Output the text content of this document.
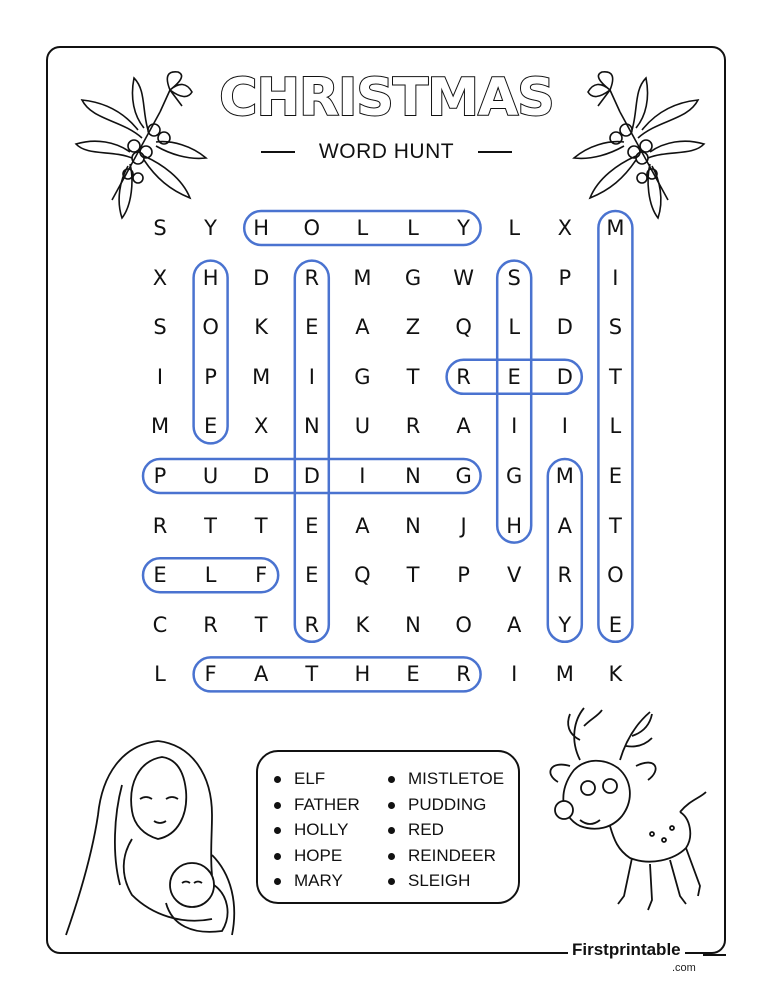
CHRISTMAS
WORD HUNT
S	Y	H	O	L	L	Y	L	X	M
X	H	D	R	M	G	W	S	P	I
S	O	K	E	A	Z	Q	L	D	S
I	P	M	I	G	T	R	E	D	T
M	E	X	N	U	R	A	I	I	L
P	U	D	D	I	N	G	G	M	E
R	T	T	E	A	N	J	H	A	T
E	L	F	E	Q	T	P	V	R	O
C	R	T	R	K	N	O	A	Y	E
L	F	A	T	H	E	R	I	M	K
ELF
FATHER
HOLLY
HOPE
MARY
MISTLETOE
PUDDING
RED
REINDEER
SLEIGH
Firstprintable
.com
